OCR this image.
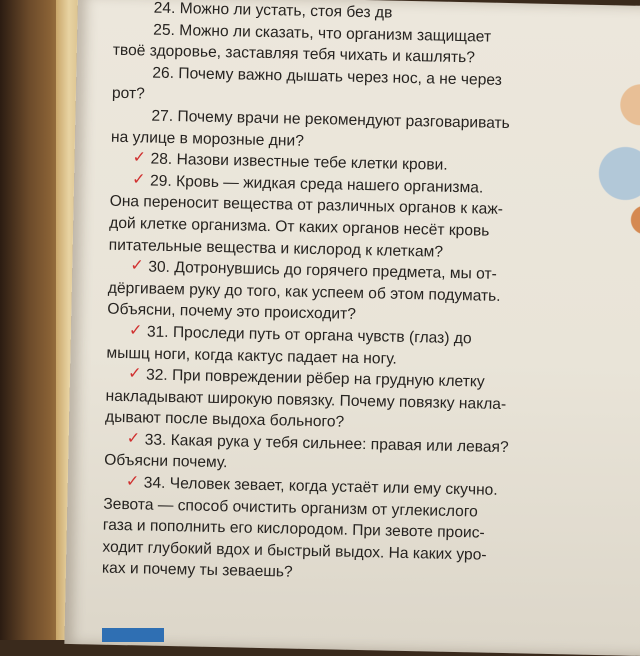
24. Можно ли устать, стоя без дв
25. Можно ли сказать, что организм защищает
твоё здоровье, заставляя тебя чихать и кашлять?
26. Почему важно дышать через нос, а не через
рот?
27. Почему врачи не рекомендуют разговаривать
на улице в морозные дни?
✓ 28. Назови известные тебе клетки крови.
✓ 29. Кровь — жидкая среда нашего организма.
Она переносит вещества от различных органов к каж-
дой клетке организма. От каких органов несёт кровь
питательные вещества и кислород к клеткам?
✓ 30. Дотронувшись до горячего предмета, мы от-
дёргиваем руку до того, как успеем об этом подумать.
Объясни, почему это происходит?
✓ 31. Проследи путь от органа чувств (глаз) до
мышц ноги, когда кактус падает на ногу.
✓ 32. При повреждении рёбер на грудную клетку
накладывают широкую повязку. Почему повязку накла-
дывают после выдоха больного?
✓ 33. Какая рука у тебя сильнее: правая или левая?
Объясни почему.
✓ 34. Человек зевает, когда устаёт или ему скучно.
Зевота — способ очистить организм от углекислого
газа и пополнить его кислородом. При зевоте проис-
ходит глубокий вдох и быстрый выдох. На каких уро-
ках и почему ты зеваешь?
